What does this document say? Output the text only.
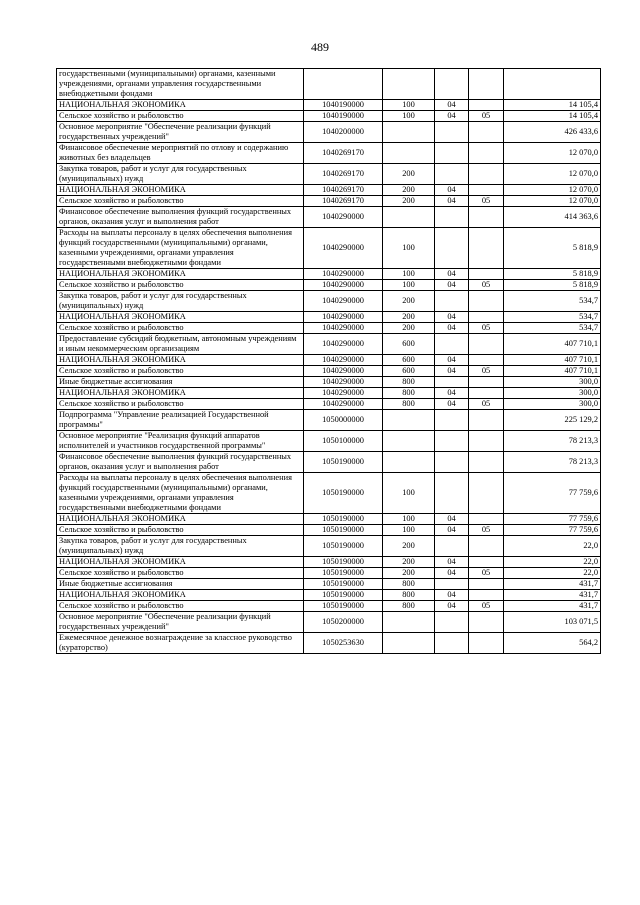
489
государственными (муниципальными) органами, казенными учреждениями, органами управления государственными внебюджетными фондами					
НАЦИОНАЛЬНАЯ ЭКОНОМИКА	1040190000	100	04		14 105,4
Сельское хозяйство и рыболовство	1040190000	100	04	05	14 105,4
Основное мероприятие "Обеспечение реализации функций государственных учреждений"	1040200000				426 433,6
Финансовое обеспечение мероприятий по отлову и содержанию животных без владельцев	1040269170				12 070,0
Закупка товаров, работ и услуг для государственных (муниципальных) нужд	1040269170	200			12 070,0
НАЦИОНАЛЬНАЯ ЭКОНОМИКА	1040269170	200	04		12 070,0
Сельское хозяйство и рыболовство	1040269170	200	04	05	12 070,0
Финансовое обеспечение выполнения функций государственных органов, оказания услуг и выполнения работ	1040290000				414 363,6
Расходы на выплаты персоналу в целях обеспечения выполнения функций государственными (муниципальными) органами, казенными учреждениями, органами управления государственными внебюджетными фондами	1040290000	100			5 818,9
НАЦИОНАЛЬНАЯ ЭКОНОМИКА	1040290000	100	04		5 818,9
Сельское хозяйство и рыболовство	1040290000	100	04	05	5 818,9
Закупка товаров, работ и услуг для государственных (муниципальных) нужд	1040290000	200			534,7
НАЦИОНАЛЬНАЯ ЭКОНОМИКА	1040290000	200	04		534,7
Сельское хозяйство и рыболовство	1040290000	200	04	05	534,7
Предоставление субсидий бюджетным, автономным учреждениям и иным некоммерческим организациям	1040290000	600			407 710,1
НАЦИОНАЛЬНАЯ ЭКОНОМИКА	1040290000	600	04		407 710,1
Сельское хозяйство и рыболовство	1040290000	600	04	05	407 710,1
Иные бюджетные ассигнования	1040290000	800			300,0
НАЦИОНАЛЬНАЯ ЭКОНОМИКА	1040290000	800	04		300,0
Сельское хозяйство и рыболовство	1040290000	800	04	05	300,0
Подпрограмма "Управление реализацией Государственной программы"	1050000000				225 129,2
Основное мероприятие "Реализация функций аппаратов исполнителей и участников государственной программы"	1050100000				78 213,3
Финансовое обеспечение выполнения функций государственных органов, оказания услуг и выполнения работ	1050190000				78 213,3
Расходы на выплаты персоналу в целях обеспечения выполнения функций государственными (муниципальными) органами, казенными учреждениями, органами управления государственными внебюджетными фондами	1050190000	100			77 759,6
НАЦИОНАЛЬНАЯ ЭКОНОМИКА	1050190000	100	04		77 759,6
Сельское хозяйство и рыболовство	1050190000	100	04	05	77 759,6
Закупка товаров, работ и услуг для государственных (муниципальных) нужд	1050190000	200			22,0
НАЦИОНАЛЬНАЯ ЭКОНОМИКА	1050190000	200	04		22,0
Сельское хозяйство и рыболовство	1050190000	200	04	05	22,0
Иные бюджетные ассигнования	1050190000	800			431,7
НАЦИОНАЛЬНАЯ ЭКОНОМИКА	1050190000	800	04		431,7
Сельское хозяйство и рыболовство	1050190000	800	04	05	431,7
Основное мероприятие "Обеспечение реализации функций государственных учреждений"	1050200000				103 071,5
Ежемесячное денежное вознаграждение за классное руководство (кураторство)	1050253630				564,2
